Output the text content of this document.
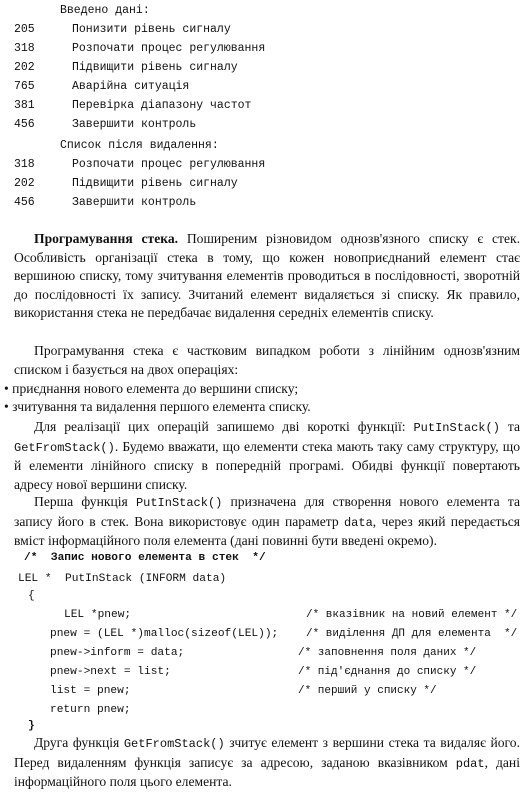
Введено дані:
205	Понизити рівень сигналу
318	Розпочати процес регулювання
202	Підвищити рівень сигналу
765	Аварійна ситуація
381	Перевірка діапазону частот
456	Завершити контроль
Список після видалення:
318	Розпочати процес регулювання
202	Підвищити рівень сигналу
456	Завершити контроль
Програмування стека. Поширеним різновидом однозв'язного списку є стек. Особливість організації стека в тому, що кожен новоприєднаний елемент стає вершиною списку, тому зчитування елементів проводиться в послідовності, зворотній до послідовності їх запису. Зчитаний елемент видаляється зі списку. Як правило, використання стека не передбачає видалення середніх елементів списку.
Програмування стека є частковим випадком роботи з лінійним однозв'язним списком і базується на двох операціях:
• приєднання нового елемента до вершини списку;
• зчитування та видалення першого елемента списку.
Для реалізації цих операцій запишемо дві короткі функції: PutInStack() та GetFromStack(). Будемо вважати, що елементи стека мають таку саму структуру, що й елементи лінійного списку в попередній програмі. Обидві функції повертають адресу нової вершини списку.
Перша функція PutInStack() призначена для створення нового елемента та запису його в стек. Вона використовує один параметр data, через який передається вміст інформаційного поля елемента (дані повинні бути введені окремо).
/*  Запис нового елемента в стек  */
LEL *  PutInStack (INFORM data)
{
LEL *pnew;	/* вказівник на новий елемент */
pnew = (LEL *)malloc(sizeof(LEL));	/* виділення ДП для елемента  */
pnew->inform = data;	/* заповнення поля даних */
pnew->next = list;	/* під'єднання до списку */
list = pnew;	/* перший у списку */
return pnew;
}
Друга функція GetFromStack() зчитує елемент з вершини стека та видаляє його. Перед видаленням функція записує за адресою, заданою вказівником pdat, дані інформаційного поля цього елемента.
